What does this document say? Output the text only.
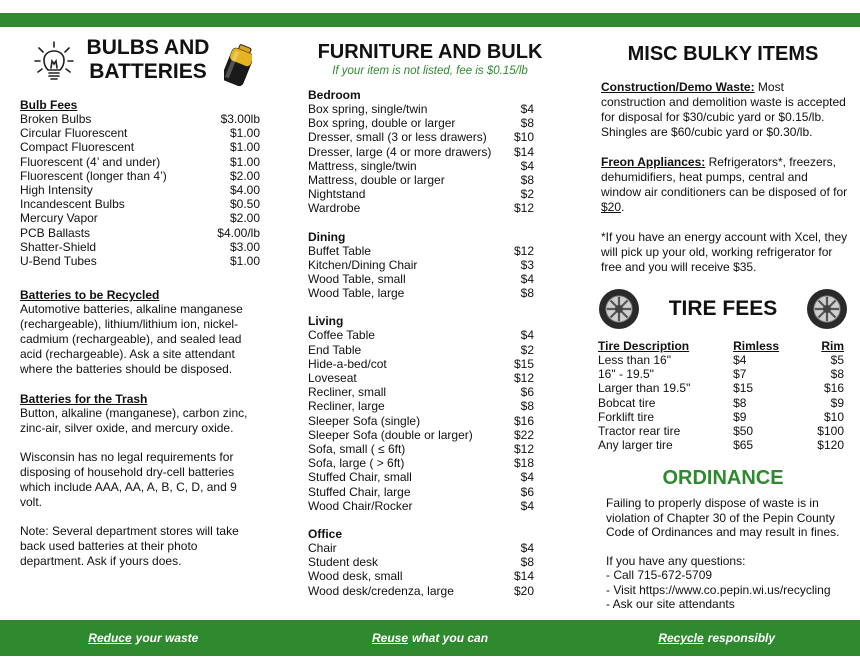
BULBS AND
BATTERIES
Bulb Fees
Broken Bulbs	$3.00lb
Circular Fluorescent	$1.00
Compact Fluorescent	$1.00
Fluorescent (4’ and under)	$1.00
Fluorescent (longer than 4’)	$2.00
High Intensity	$4.00
Incandescent Bulbs	$0.50
Mercury Vapor	$2.00
PCB Ballasts	$4.00/lb
Shatter-Shield	$3.00
U-Bend Tubes	$1.00
Batteries to be Recycled
Automotive batteries, alkaline manganese (rechargeable), lithium/lithium ion, nickel-cadmium (rechargeable), and sealed lead acid (rechargeable). Ask a site attendant where the batteries should be disposed.
Batteries for the Trash
Button, alkaline (manganese), carbon zinc, zinc-air, silver oxide, and mercury oxide.
Wisconsin has no legal requirements for disposing of household dry-cell batteries which include AAA, AA, A, B, C, D, and 9 volt.
Note: Several department stores will take back used batteries at their photo department. Ask if yours does.
FURNITURE AND BULK
If your item is not listed, fee is $0.15/lb
Bedroom
Box spring, single/twin	$4
Box spring, double or larger	$8
Dresser, small (3 or less drawers) $10
Dresser, large (4 or more drawers) $14
Mattress, single/twin	$4
Mattress, double or larger	$8
Nightstand	$2
Wardrobe	$12
Dining
Buffet Table	$12
Kitchen/Dining Chair	$3
Wood Table, small	$4
Wood Table, large	$8
Living
Coffee Table	$4
End Table	$2
Hide-a-bed/cot	$15
Loveseat	$12
Recliner, small	$6
Recliner, large	$8
Sleeper Sofa (single)	$16
Sleeper Sofa (double or larger)	$22
Sofa, small ( ≤ 6ft)	$12
Sofa, large ( > 6ft)	$18
Stuffed Chair, small	$4
Stuffed Chair, large	$6
Wood Chair/Rocker	$4
Office
Chair	$4
Student desk	$8
Wood desk, small	$14
Wood desk/credenza, large	$20
MISC BULKY ITEMS
Construction/Demo Waste: Most construction and demolition waste is accepted for disposal for $30/cubic yard or $0.15/lb. Shingles are $60/cubic yard or $0.30/lb.
Freon Appliances: Refrigerators*, freezers, dehumidifiers, heat pumps, central and window air conditioners can be disposed of for $20.
*If you have an energy account with Xcel, they will pick up your old, working refrigerator for free and you will receive $35.
TIRE FEES
Tire Description	Rimless	Rim
Less than 16"	$4	$5
16" - 19.5"	$7	$8
Larger than 19.5"	$15	$16
Bobcat tire	$8	$9
Forklift tire	$9	$10
Tractor rear tire	$50	$100
Any larger tire	$65	$120
ORDINANCE
Failing to properly dispose of waste is in violation of Chapter 30 of the Pepin County Code of Ordinances and may result in fines.
If you have any questions:
- Call 715-672-5709
- Visit https://www.co.pepin.wi.us/recycling
- Ask our site attendants
Reduce your waste	Reuse what you can	Recycle responsibly
